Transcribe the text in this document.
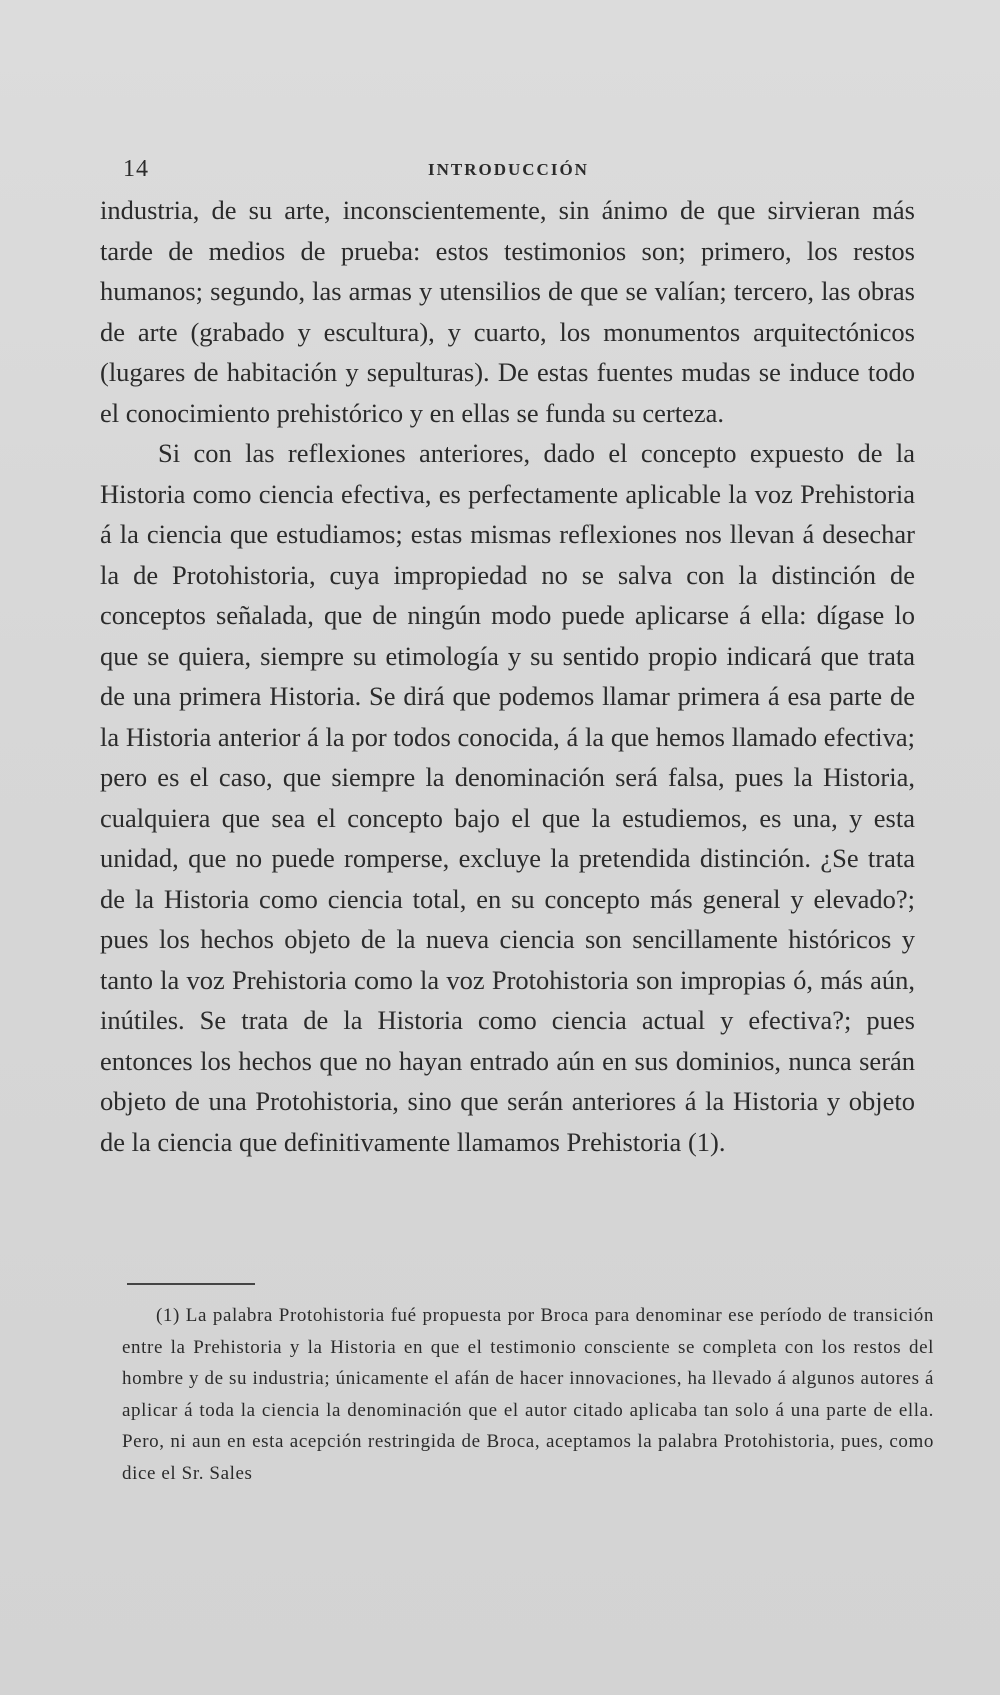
14	INTRODUCCIÓN

industria, de su arte, inconscientemente, sin ánimo de que sirvieran más tarde de medios de prueba: estos testimonios son; primero, los restos humanos; segundo, las armas y utensilios de que se valían; tercero, las obras de arte (grabado y escultura), y cuarto, los monumentos arquitectónicos (lugares de habitación y sepulturas). De estas fuentes mudas se induce todo el conocimiento prehistórico y en ellas se funda su certeza.

Si con las reflexiones anteriores, dado el concepto expuesto de la Historia como ciencia efectiva, es perfectamente aplicable la voz Prehistoria á la ciencia que estudiamos; estas mismas reflexiones nos llevan á desechar la de Protohistoria, cuya impropiedad no se salva con la distinción de conceptos señalada, que de ningún modo puede aplicarse á ella: dígase lo que se quiera, siempre su etimología y su sentido propio indicará que trata de una primera Historia. Se dirá que podemos llamar primera á esa parte de la Historia anterior á la por todos conocida, á la que hemos llamado efectiva; pero es el caso, que siempre la denominación será falsa, pues la Historia, cualquiera que sea el concepto bajo el que la estudiemos, es una, y esta unidad, que no puede romperse, excluye la pretendida distinción. ¿Se trata de la Historia como ciencia total, en su concepto más general y elevado?; pues los hechos objeto de la nueva ciencia son sencillamente históricos y tanto la voz Prehistoria como la voz Protohistoria son impropias ó, más aún, inútiles. Se trata de la Historia como ciencia actual y efectiva?; pues entonces los hechos que no hayan entrado aún en sus dominios, nunca serán objeto de una Protohistoria, sino que serán anteriores á la Historia y objeto de la ciencia que definitivamente llamamos Prehistoria (1).

(1) La palabra Protohistoria fué propuesta por Broca para denominar ese período de transición entre la Prehistoria y la Historia en que el testimonio consciente se completa con los restos del hombre y de su industria; únicamente el afán de hacer innovaciones, ha llevado á algunos autores á aplicar á toda la ciencia la denominación que el autor citado aplicaba tan solo á una parte de ella. Pero, ni aun en esta acepción restringida de Broca, aceptamos la palabra Protohistoria, pues, como dice el Sr. Sales
